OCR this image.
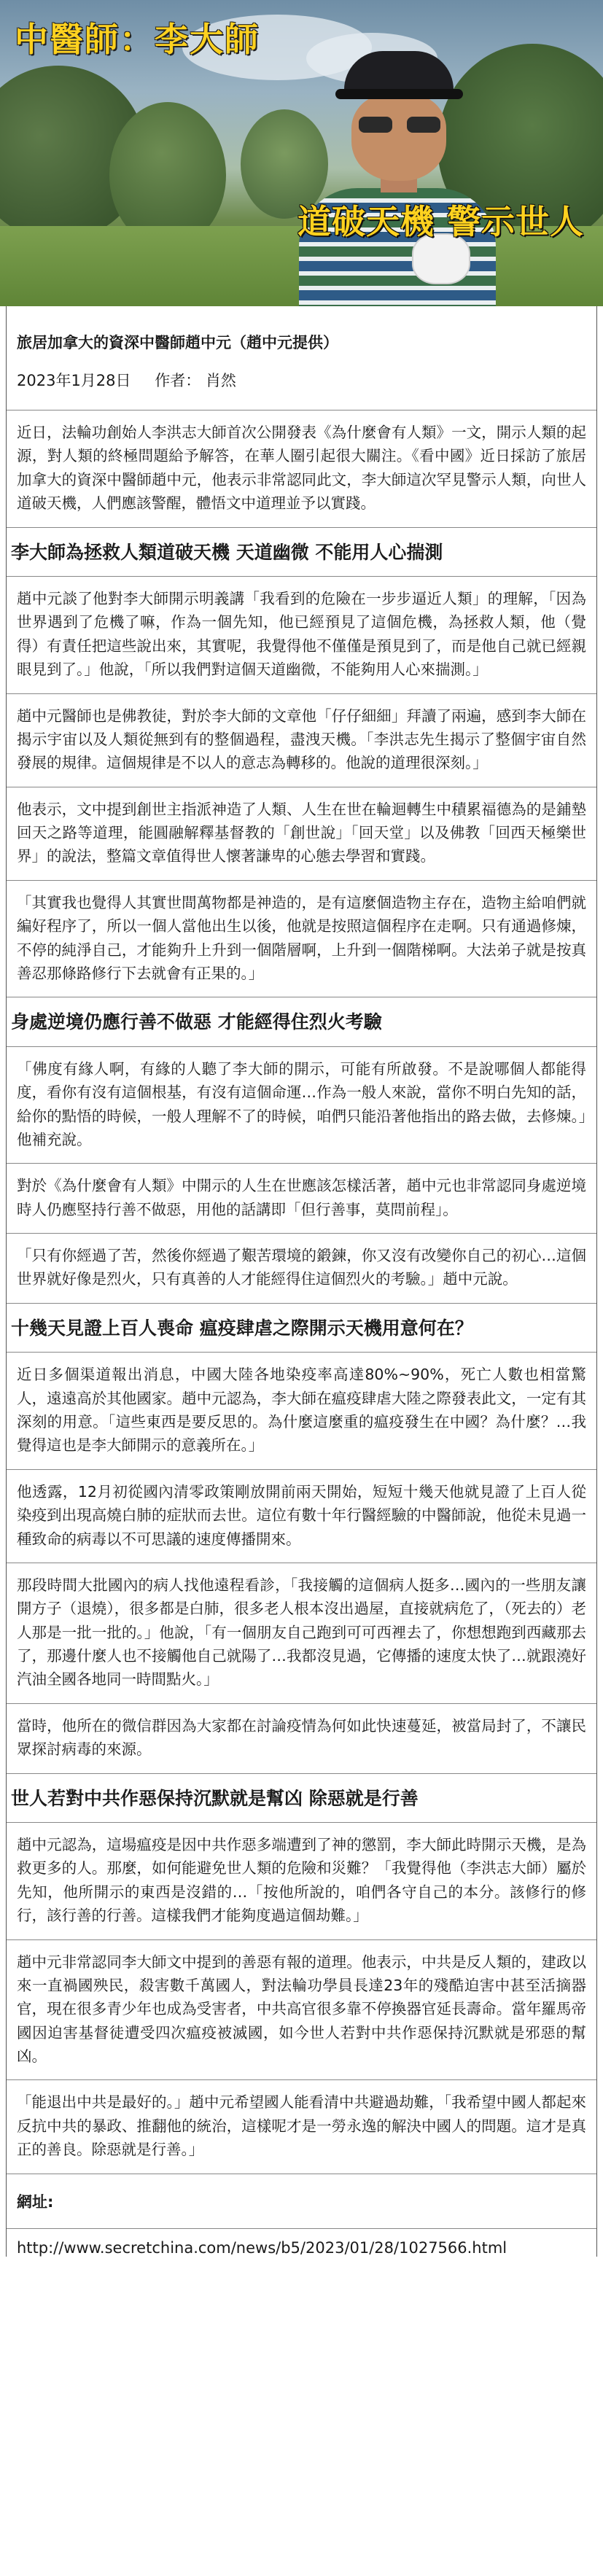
中醫師：李大師
道破天機 警示世人
旅居加拿大的資深中醫師趙中元（趙中元提供）
2023年1月28日 作者： 肖然
近日，法輪功創始人李洪志大師首次公開發表《為什麼會有人類》一文，開示人類的起源，對人類的終極問題給予解答，在華人圈引起很大關注。《看中國》近日採訪了旅居加拿大的資深中醫師趙中元，他表示非常認同此文，李大師這次罕見警示人類，向世人道破天機，人們應該警醒，體悟文中道理並予以實踐。
李大師為拯救人類道破天機 天道幽微 不能用人心揣測
趙中元談了他對李大師開示明義講「我看到的危險在一步步逼近人類」的理解，「因為世界遇到了危機了嘛，作為一個先知，他已經預見了這個危機，為拯救人類，他（覺得）有責任把這些說出來，其實呢，我覺得他不僅僅是預見到了，而是他自己就已經親眼見到了。」他說，「所以我們對這個天道幽微，不能夠用人心來揣測。」
趙中元醫師也是佛教徒，對於李大師的文章他「仔仔細細」拜讀了兩遍，感到李大師在揭示宇宙以及人類從無到有的整個過程，盡洩天機。「李洪志先生揭示了整個宇宙自然發展的規律。這個規律是不以人的意志為轉移的。他說的道理很深刻。」
他表示，文中提到創世主指派神造了人類、人生在世在輪迴轉生中積累福德為的是鋪墊回天之路等道理，能圓融解釋基督教的「創世說」「回天堂」以及佛教「回西天極樂世界」的說法，整篇文章值得世人懷著謙卑的心態去學習和實踐。
「其實我也覺得人其實世間萬物都是神造的，是有這麼個造物主存在，造物主給咱們就編好程序了，所以一個人當他出生以後，他就是按照這個程序在走啊。只有通過修煉，不停的純淨自己，才能夠升上升到一個階層啊，上升到一個階梯啊。大法弟子就是按真善忍那條路修行下去就會有正果的。」
身處逆境仍應行善不做惡 才能經得住烈火考驗
「佛度有緣人啊，有緣的人聽了李大師的開示，可能有所啟發。不是說哪個人都能得度，看你有沒有這個根基，有沒有這個命運…作為一般人來說，當你不明白先知的話，給你的點悟的時候，一般人理解不了的時候，咱們只能沿著他指出的路去做，去修煉。」他補充說。
對於《為什麼會有人類》中開示的人生在世應該怎樣活著，趙中元也非常認同身處逆境時人仍應堅持行善不做惡，用他的話講即「但行善事，莫問前程」。
「只有你經過了苦，然後你經過了艱苦環境的鍛鍊，你又沒有改變你自己的初心…這個世界就好像是烈火，只有真善的人才能經得住這個烈火的考驗。」趙中元說。
十幾天見證上百人喪命 瘟疫肆虐之際開示天機用意何在？
近日多個渠道報出消息，中國大陸各地染疫率高達80%~90%，死亡人數也相當驚人，遠遠高於其他國家。趙中元認為，李大師在瘟疫肆虐大陸之際發表此文，一定有其深刻的用意。「這些東西是要反思的。為什麼這麼重的瘟疫發生在中國？為什麼？…我覺得這也是李大師開示的意義所在。」
他透露，12月初從國內清零政策剛放開前兩天開始，短短十幾天他就見證了上百人從染疫到出現高燒白肺的症狀而去世。這位有數十年行醫經驗的中醫師說，他從未見過一種致命的病毒以不可思議的速度傳播開來。
那段時間大批國內的病人找他遠程看診，「我接觸的這個病人挺多…國內的一些朋友讓開方子（退燒），很多都是白肺，很多老人根本沒出過屋，直接就病危了，（死去的）老人那是一批一批的。」他說，「有一個朋友自己跑到可可西裡去了，你想想跑到西藏那去了，那邊什麼人也不接觸他自己就陽了…我都沒見過，它傳播的速度太快了…就跟澆好汽油全國各地同一時間點火。」
當時，他所在的微信群因為大家都在討論疫情為何如此快速蔓延，被當局封了，不讓民眾探討病毒的來源。
世人若對中共作惡保持沉默就是幫凶 除惡就是行善
趙中元認為，這場瘟疫是因中共作惡多端遭到了神的懲罰，李大師此時開示天機，是為救更多的人。那麼，如何能避免世人類的危險和災難？「我覺得他（李洪志大師）屬於先知，他所開示的東西是沒錯的…「按他所說的，咱們各守自己的本分。該修行的修行，該行善的行善。這樣我們才能夠度過這個劫難。」
趙中元非常認同李大師文中提到的善惡有報的道理。他表示，中共是反人類的，建政以來一直禍國殃民，殺害數千萬國人，對法輪功學員長達23年的殘酷迫害中甚至活摘器官，現在很多青少年也成為受害者，中共高官很多靠不停換器官延長壽命。當年羅馬帝國因迫害基督徒遭受四次瘟疫被滅國，如今世人若對中共作惡保持沉默就是邪惡的幫凶。
「能退出中共是最好的。」趙中元希望國人能看清中共避過劫難，「我希望中國人都起來反抗中共的暴政、推翻他的統治，這樣呢才是一勞永逸的解決中國人的問題。這才是真正的善良。除惡就是行善。」
網址:
http://www.secretchina.com/news/b5/2023/01/28/1027566.html
